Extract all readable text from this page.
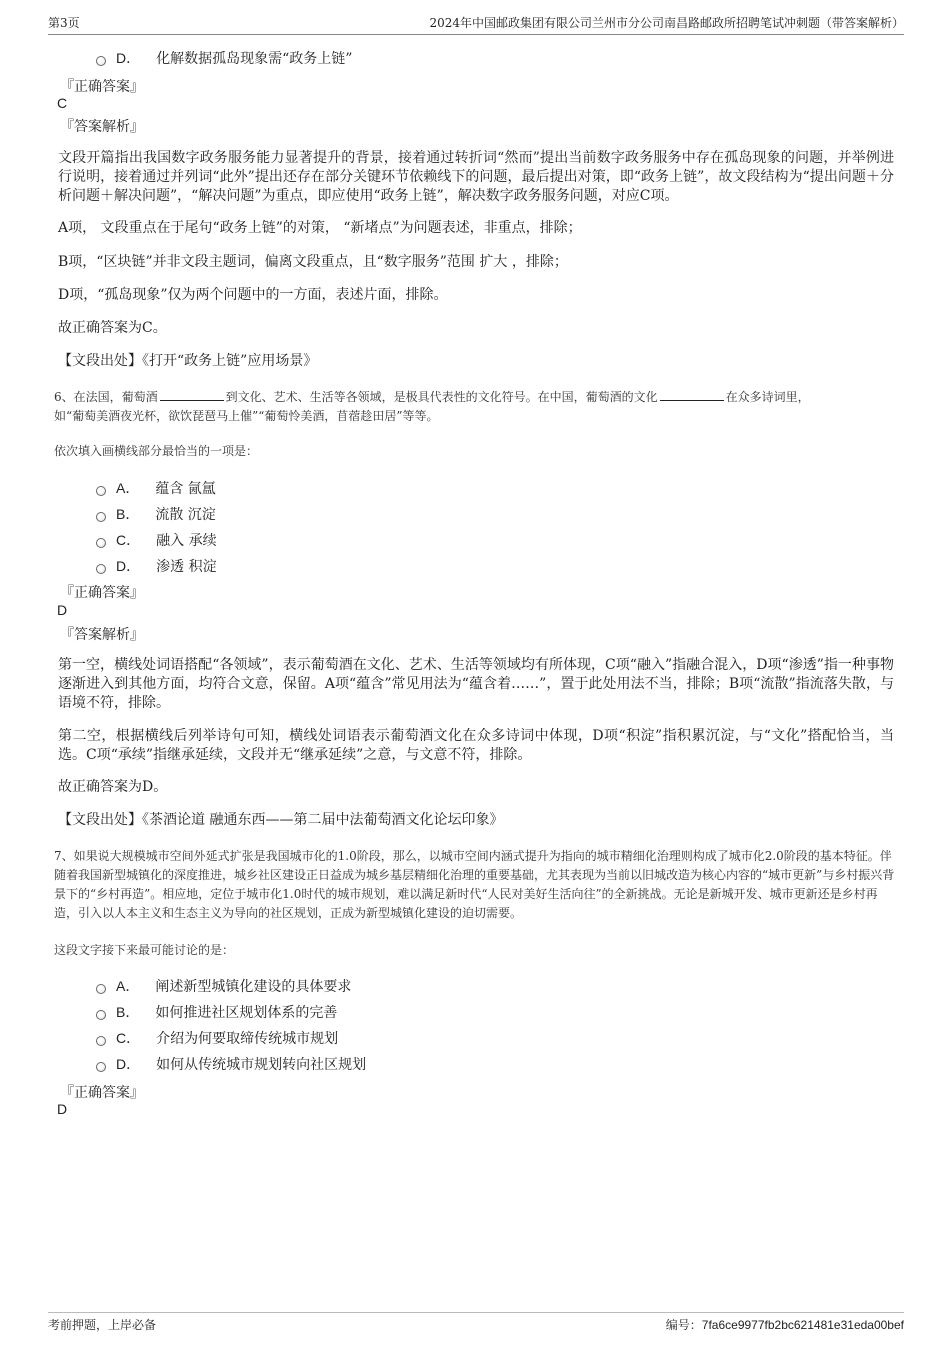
第3页	2024年中国邮政集团有限公司兰州市分公司南昌路邮政所招聘笔试冲刺题（带答案解析）
D． 化解数据孤岛现象需“政务上链”
『正确答案』
C
『答案解析』
文段开篇指出我国数字政务服务能力显著提升的背景，接着通过转折词“然而”提出当前数字政务服务中存在孤岛现象的问题，并举例进行说明，接着通过并列词“此外”提出还存在部分关键环节依赖线下的问题，最后提出对策，即“政务上链”，故文段结构为“提出问题＋分析问题＋解决问题”，“解决问题”为重点，即应使用“政务上链”，解决数字政务服务问题，对应C项。
A项， 文段重点在于尾句“政务上链”的对策， “新堵点”为问题表述，非重点，排除；
B项，“区块链”并非文段主题词，偏离文段重点，且“数字服务”范围 扩大 ，排除；
D项，“孤岛现象”仅为两个问题中的一方面，表述片面，排除。
故正确答案为C。
【文段出处】《打开“政务上链”应用场景》
6、在法国，葡萄酒	到文化、艺术、生活等各领域，是极具代表性的文化符号。在中国，葡萄酒的文化	在众多诗词里，
如“葡萄美酒夜光杯，欲饮琵琶马上催”“葡萄怜美酒，苜蓿趁田居”等等。
依次填入画横线部分最恰当的一项是：
A． 蕴含 氤氲
B． 流散 沉淀
C． 融入 承续
D． 渗透 积淀
『正确答案』
D
『答案解析』
第一空，横线处词语搭配“各领域”，表示葡萄酒在文化、艺术、生活等领域均有所体现，C项“融入”指融合混入，D项“渗透”指一种事物逐渐进入到其他方面，均符合文意，保留。A项“蕴含”常见用法为“蕴含着……”，置于此处用法不当，排除；B项“流散”指流落失散，与语境不符，排除。
第二空，根据横线后列举诗句可知，横线处词语表示葡萄酒文化在众多诗词中体现，D项“积淀”指积累沉淀，与“文化”搭配恰当，当选。C项“承续”指继承延续，文段并无“继承延续”之意，与文意不符，排除。
故正确答案为D。
【文段出处】《茶酒论道 融通东西——第二届中法葡萄酒文化论坛印象》
7、如果说大规模城市空间外延式扩张是我国城市化的1.0阶段，那么，以城市空间内涵式提升为指向的城市精细化治理则构成了城市化2.0阶段的基本特征。伴随着我国新型城镇化的深度推进，城乡社区建设正日益成为城乡基层精细化治理的重要基础，尤其表现为当前以旧城改造为核心内容的“城市更新”与乡村振兴背景下的“乡村再造”。相应地，定位于城市化1.0时代的城市规划，难以满足新时代“人民对美好生活向往”的全新挑战。无论是新城开发、城市更新还是乡村再造，引入以人本主义和生态主义为导向的社区规划，正成为新型城镇化建设的迫切需要。
这段文字接下来最可能讨论的是：
A． 阐述新型城镇化建设的具体要求
B． 如何推进社区规划体系的完善
C． 介绍为何要取缔传统城市规划
D． 如何从传统城市规划转向社区规划
『正确答案』
D
考前押题，上岸必备	编号：7fa6ce9977fb2bc621481e31eda00bef
